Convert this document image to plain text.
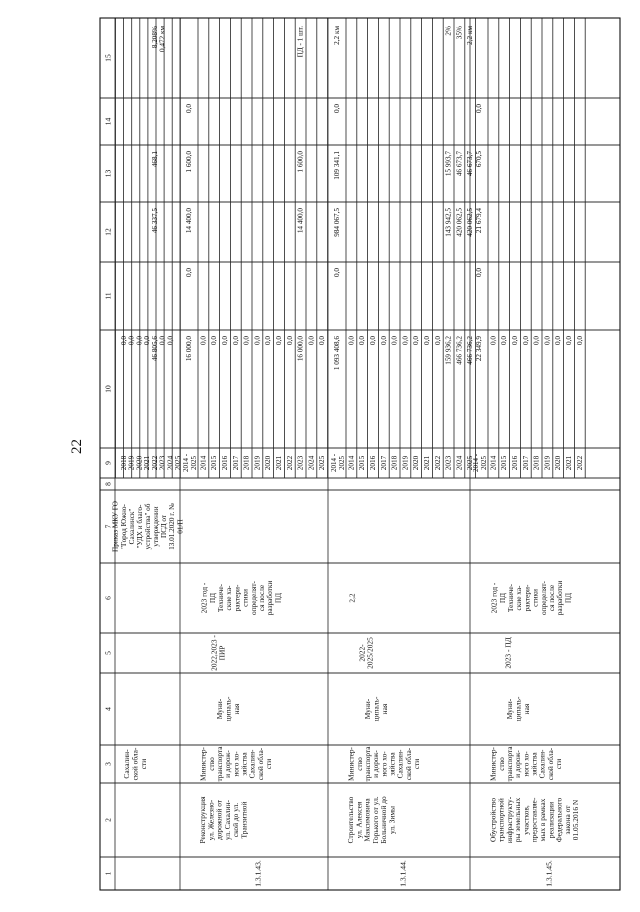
22
1
2
3
4
5
6
7
8
9
10
11
12
13
14
15
2018
0,0
2019
0,0
2020
0,0
2021
0,0
2022
46 805,6
46 337,5
468,1
8,208%
2023
0,0
0,472 км
2024
0,0
2025
Сахалин- ской обла- сти
Приказ МКУ ГО "Город Южно- Сахалинск" "УДХ и благо- устройства" об утверждении ПСД от 13.01.2020 г. № 01/П
1.3.1.43.
Реконструкция ул. Железно- дорожной от ул. Сахалин- ской до ул. Транзитной
Министер- ство транспорта и дорож- ного хо- зяйства Сахалин- ской обла- сти
Муни- ципаль- ная
2022,2023 - ПИР
2023 год - ПД Техниче- ские ха- рактери- стики определят- ся после разработки ПД
2014 - 2025
16 000,0
0,0
14 400,0
1 600,0
0,0
2014
0,0
2015
0,0
2016
0,0
2017
0,0
2018
0,0
2019
0,0
2020
0,0
2021
0,0
2022
0,0
2023
16 000,0
14 400,0
1 600,0
ПД - 1 шт.
2024
0,0
2025
0,0
1.3.1.44.
Строительство ул. Алексея Максимовича Горького от ул. Больничной до ул. Зимы
Министер- ство транспорта и дорож- ного хо- зяйства Сахалин- ской обла- сти
Муни- ципаль- ная
2022- 2025/2025
2,2
2014 - 2025
1 093 408,6
0,0
984 067,5
109 341,1
0,0
2,2 км
2014
0,0
2015
0,0
2016
0,0
2017
0,0
2018
0,0
2019
0,0
2020
0,0
2021
0,0
2022
0,0
2023
159 936,2
143 942,5
15 993,7
2%
2024
466 736,2
420 062,5
46 673,7
35%
2025
466 736,2
420 062,5
46 673,7
2,2 км
1.3.1.45.
Обустройство транспортной инфраструкту- ры земельных участков, предоставляе- мых в рамках реализации Федерального закона от 01.05.2016 N
Министер- ство транспорта и дорож- ного хо- зяйства Сахалин- ской обла- сти
Муни- ципаль- ная
2023 - ПД
2023 год - ПД Техниче- ские ха- рактери- стики определят- ся после разработки ПД
2014 - 2025
22 349,9
0,0
21 679,4
670,5
0,0
2014
0,0
2015
0,0
2016
0,0
2017
0,0
2018
0,0
2019
0,0
2020
0,0
2021
0,0
2022
0,0
